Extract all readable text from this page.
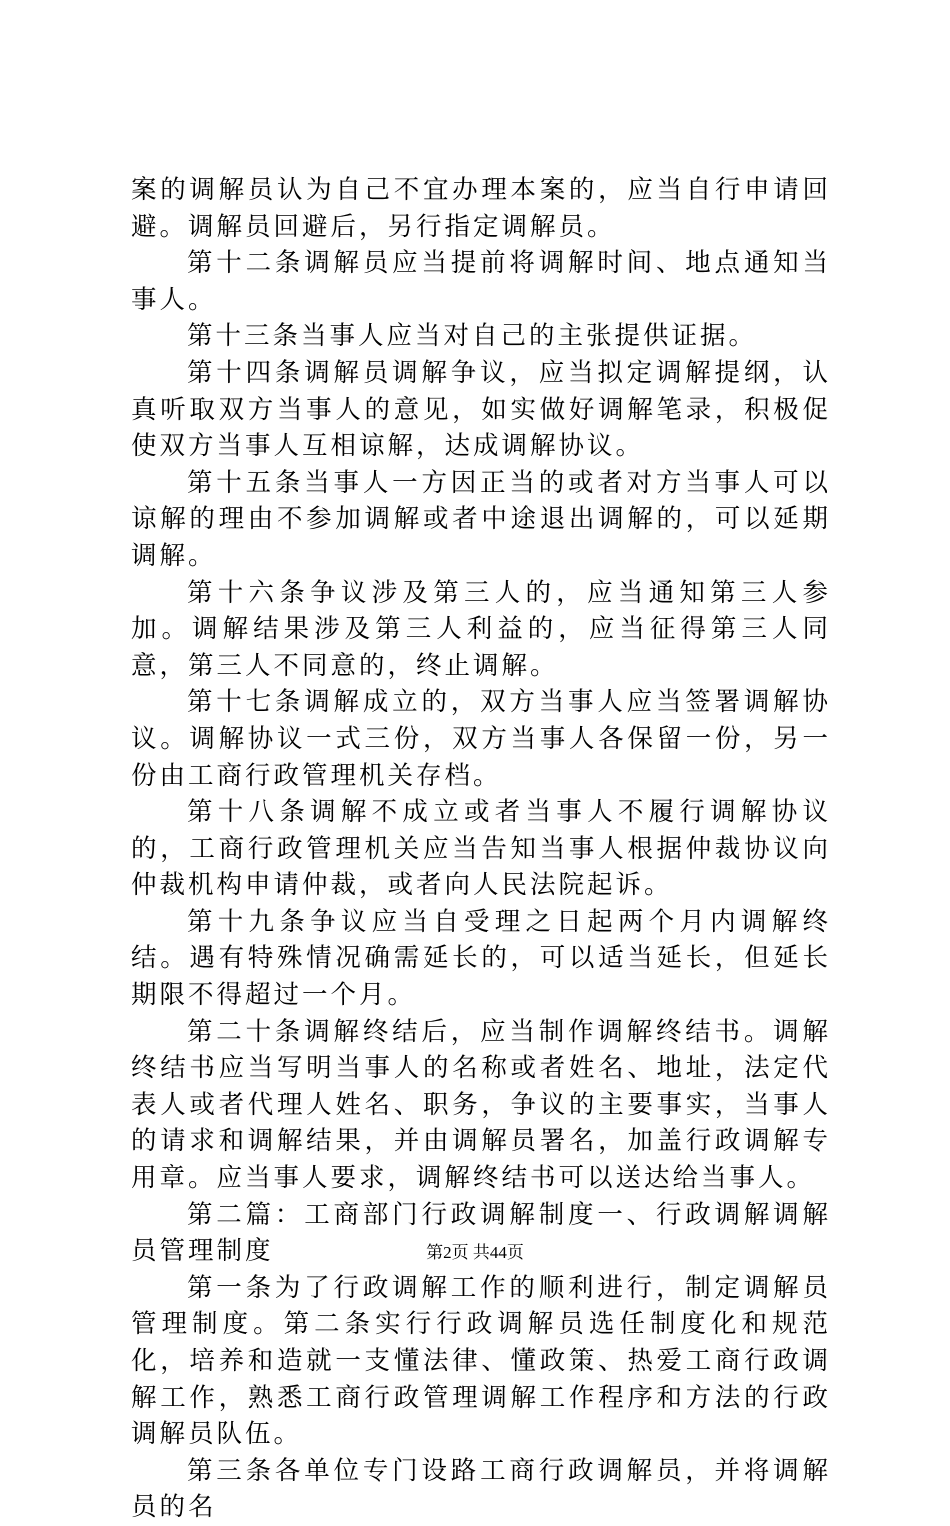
案的调解员认为自己不宜办理本案的，应当自行申请回避。调解员回避后，另行指定调解员。

第十二条调解员应当提前将调解时间、地点通知当事人。

第十三条当事人应当对自己的主张提供证据。

第十四条调解员调解争议，应当拟定调解提纲，认真听取双方当事人的意见，如实做好调解笔录，积极促使双方当事人互相谅解，达成调解协议。

第十五条当事人一方因正当的或者对方当事人可以谅解的理由不参加调解或者中途退出调解的，可以延期调解。

第十六条争议涉及第三人的，应当通知第三人参加。调解结果涉及第三人利益的，应当征得第三人同意，第三人不同意的，终止调解。

第十七条调解成立的，双方当事人应当签署调解协议。调解协议一式三份，双方当事人各保留一份，另一份由工商行政管理机关存档。

第十八条调解不成立或者当事人不履行调解协议的，工商行政管理机关应当告知当事人根据仲裁协议向仲裁机构申请仲裁，或者向人民法院起诉。

第十九条争议应当自受理之日起两个月内调解终结。遇有特殊情况确需延长的，可以适当延长，但延长期限不得超过一个月。

第二十条调解终结后，应当制作调解终结书。调解终结书应当写明当事人的名称或者姓名、地址，法定代表人或者代理人姓名、职务，争议的主要事实，当事人的请求和调解结果，并由调解员署名，加盖行政调解专用章。应当事人要求，调解终结书可以送达给当事人。

第二篇：工商部门行政调解制度一、行政调解调解员管理制度

第一条为了行政调解工作的顺利进行，制定调解员管理制度。第二条实行行政调解员选任制度化和规范化，培养和造就一支懂法律、懂政策、热爱工商行政调解工作，熟悉工商行政管理调解工作程序和方法的行政调解员队伍。

第三条各单位专门设路工商行政调解员，并将调解员的名

第2页 共44页
